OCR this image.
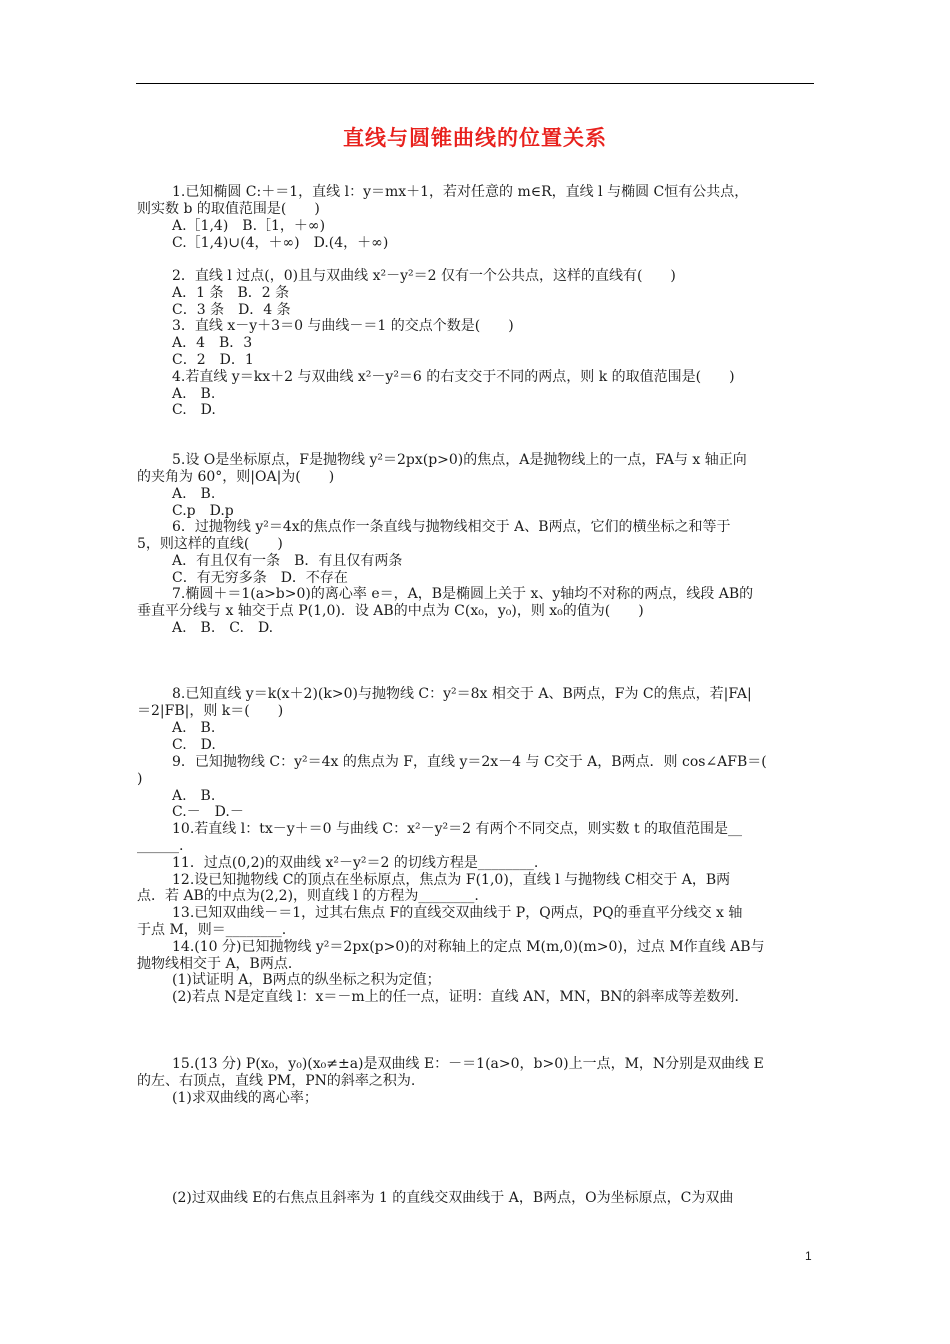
直线与圆锥曲线的位置关系
1.已知椭圆 C:＋＝1，直线 l：y＝mx＋1，若对任意的 m∈R，直线 l 与椭圆 C恒有公共点，
则实数 b 的取值范围是(　　)
A.［1,4)　B.［1，＋∞)
C.［1,4)∪(4，＋∞)　D.(4，＋∞)
2．直线 l 过点(，0)且与双曲线 x²－y²＝2 仅有一个公共点，这样的直线有(　　)
A．1 条　B．2 条
C．3 条　D．4 条
3．直线 x－y＋3＝0 与曲线－＝1 的交点个数是(　　)
A．4　B．3
C．2　D．1
4.若直线 y＝kx＋2 与双曲线 x²－y²＝6 的右支交于不同的两点，则 k 的取值范围是(　　)
A.　B.
C.　D.
5.设 O是坐标原点，F是抛物线 y²＝2px(p>0)的焦点，A是抛物线上的一点，FA与 x 轴正向
的夹角为 60°，则|OA|为(　　)
A.　B.
C.p　D.p
6．过抛物线 y²＝4x的焦点作一条直线与抛物线相交于 A、B两点，它们的横坐标之和等于
5，则这样的直线(　　)
A．有且仅有一条　B．有且仅有两条
C．有无穷多条　D．不存在
7.椭圆＋＝1(a>b>0)的离心率 e＝，A，B是椭圆上关于 x、y轴均不对称的两点，线段 AB的
垂直平分线与 x 轴交于点 P(1,0)．设 AB的中点为 C(x₀，y₀)，则 x₀的值为(　　)
A.　B.　C.　D.
8.已知直线 y＝k(x＋2)(k>0)与抛物线 C：y²＝8x 相交于 A、B两点，F为 C的焦点，若|FA|
＝2|FB|，则 k＝(　　)
A.　B.
C.　D.
9．已知抛物线 C：y²＝4x 的焦点为 F，直线 y＝2x－4 与 C交于 A，B两点．则 cos∠AFB＝(
)
A.　B.
C.－　D.－
10.若直线 l：tx－y＋＝0 与曲线 C：x²－y²＝2 有两个不同交点，则实数 t 的取值范围是__
______.
11．过点(0,2)的双曲线 x²－y²＝2 的切线方程是________.
12.设已知抛物线 C的顶点在坐标原点，焦点为 F(1,0)，直线 l 与抛物线 C相交于 A，B两
点．若 AB的中点为(2,2)，则直线 l 的方程为________.
13.已知双曲线－＝1，过其右焦点 F的直线交双曲线于 P，Q两点，PQ的垂直平分线交 x 轴
于点 M，则＝________.
14.(10 分)已知抛物线 y²＝2px(p>0)的对称轴上的定点 M(m,0)(m>0)，过点 M作直线 AB与
抛物线相交于 A，B两点．
(1)试证明 A，B两点的纵坐标之积为定值；
(2)若点 N是定直线 l：x＝－m上的任一点，证明：直线 AN，MN，BN的斜率成等差数列．
15.(13 分) P(x₀，y₀)(x₀≠±a)是双曲线 E：－＝1(a>0，b>0)上一点，M，N分别是双曲线 E
的左、右顶点，直线 PM，PN的斜率之积为.
(1)求双曲线的离心率；
(2)过双曲线 E的右焦点且斜率为 1 的直线交双曲线于 A，B两点，O为坐标原点，C为双曲
1
